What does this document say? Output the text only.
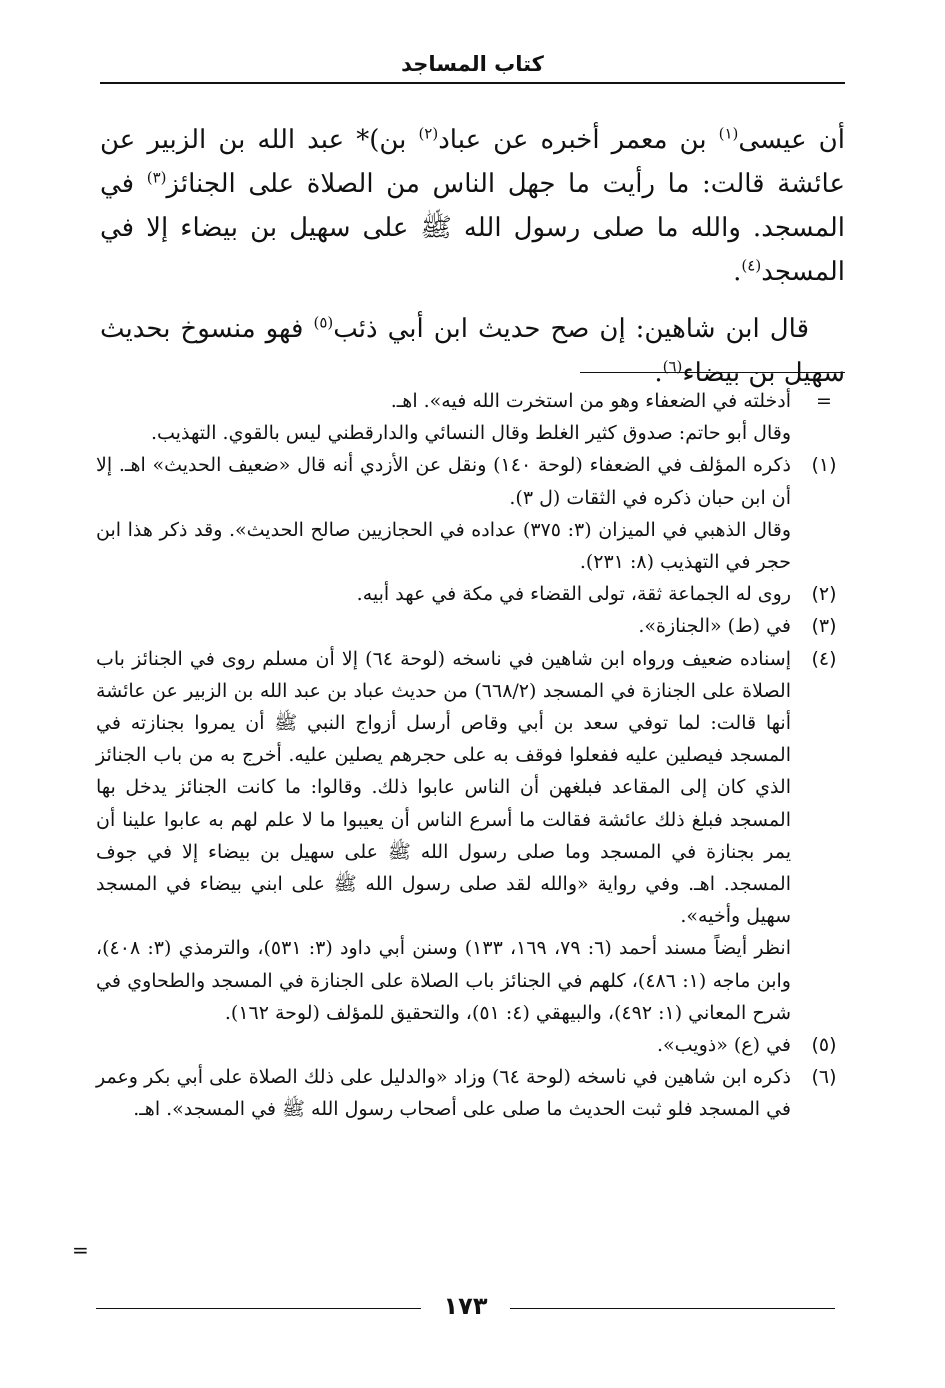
كتاب المساجد

أن عيسى$^{(١)}$ بن معمر أخبره عن عباد$^{(٢)}$ بن)* عبد الله بن الزبير عن عائشة قالت: ما رأيت ما جهل الناس من الصلاة على الجنائز$^{(٣)}$ في المسجد. والله ما صلى رسول الله ﷺ على سهيل بن بيضاء إلا في المسجد$^{(٤)}$.

قال ابن شاهين: إن صح حديث ابن أبي ذئب$^{(٥)}$ فهو منسوخ بحديث سهيل بن بيضاء$^{(٦)}$.

=
أدخلته في الضعفاء وهو من استخرت الله فيه». اهـ.
وقال أبو حاتم: صدوق كثير الغلط وقال النسائي والدارقطني ليس بالقوي. التهذيب.
(١)
ذكره المؤلف في الضعفاء (لوحة ١٤٠) ونقل عن الأزدي أنه قال «ضعيف الحديث» اهـ. إلا أن ابن حبان ذكره في الثقات (ل ٣).
وقال الذهبي في الميزان (٣: ٣٧٥) عداده في الحجازيين صالح الحديث». وقد ذكر هذا ابن حجر في التهذيب (٨: ٢٣١).
(٢)
روى له الجماعة ثقة، تولى القضاء في مكة في عهد أبيه.
(٣)
في (ط) «الجنازة».
(٤)
إسناده ضعيف ورواه ابن شاهين في ناسخه (لوحة ٦٤) إلا أن مسلم روى في الجنائز باب الصلاة على الجنازة في المسجد (٦٦٨/٢) من حديث عباد بن عبد الله بن الزبير عن عائشة أنها قالت: لما توفي سعد بن أبي وقاص أرسل أزواج النبي ﷺ أن يمروا بجنازته في المسجد فيصلين عليه ففعلوا فوقف به على حجرهم يصلين عليه. أخرج به من باب الجنائز الذي كان إلى المقاعد فبلغهن أن الناس عابوا ذلك. وقالوا: ما كانت الجنائز يدخل بها المسجد فبلغ ذلك عائشة فقالت ما أسرع الناس أن يعيبوا ما لا علم لهم به عابوا علينا أن يمر بجنازة في المسجد وما صلى رسول الله ﷺ على سهيل بن بيضاء إلا في جوف المسجد. اهـ. وفي رواية «والله لقد صلى رسول الله ﷺ على ابني بيضاء في المسجد سهيل وأخيه».
انظر أيضاً مسند أحمد (٦: ٧٩، ١٦٩، ١٣٣) وسنن أبي داود (٣: ٥٣١)، والترمذي (٣: ٤٠٨)، وابن ماجه (١: ٤٨٦)، كلهم في الجنائز باب الصلاة على الجنازة في المسجد والطحاوي في شرح المعاني (١: ٤٩٢)، والبيهقي (٤: ٥١)، والتحقيق للمؤلف (لوحة ١٦٢).
(٥)
في (ع) «ذويب».
(٦)
ذكره ابن شاهين في ناسخه (لوحة ٦٤) وزاد «والدليل على ذلك الصلاة على أبي بكر وعمر في المسجد فلو ثبت الحديث ما صلى على أصحاب رسول الله ﷺ في المسجد». اهـ.
=
١٧٣
